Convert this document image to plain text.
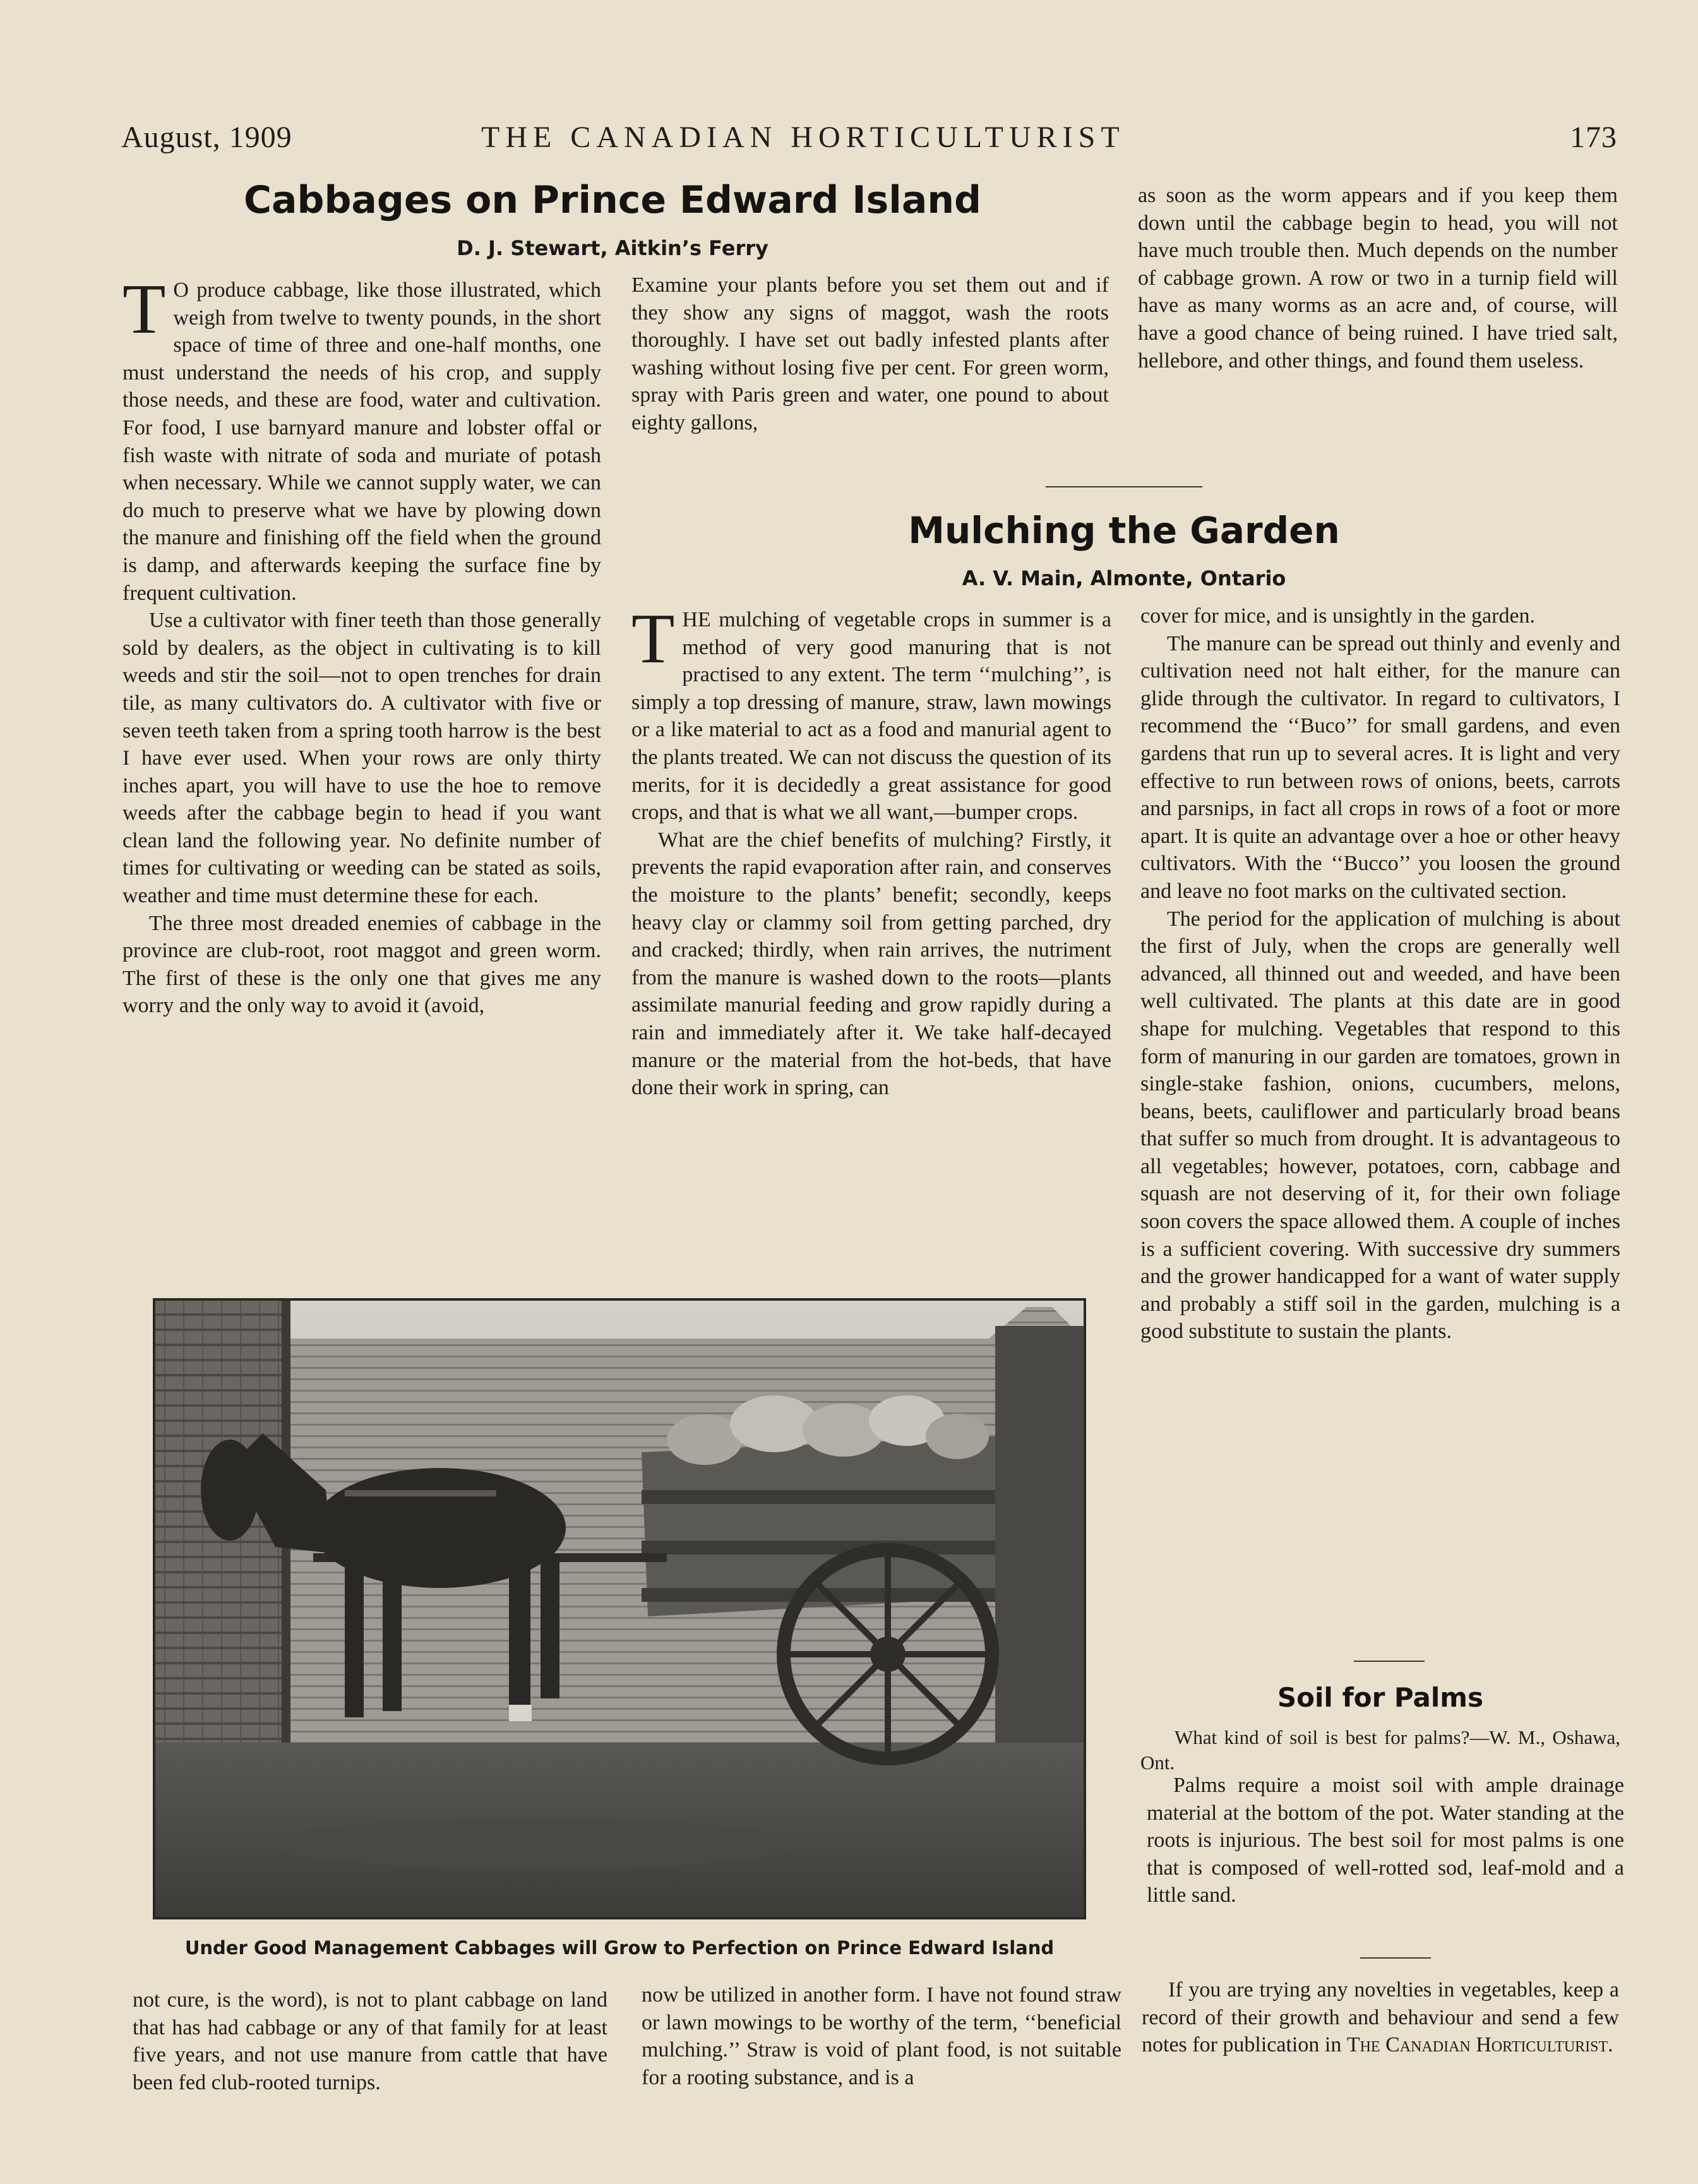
August, 1909	THE CANADIAN HORTICULTURIST	173
Cabbages on Prince Edward Island
D. J. Stewart, Aitkin’s Ferry

T O produce cabbage, like those illustrated, which weigh from twelve to twenty pounds, in the short space of time of three and one-half months, one must understand the needs of his crop, and supply those needs, and these are food, water and cultivation. For food, I use barnyard manure and lobster offal or fish waste with nitrate of soda and muriate of potash when necessary. While we cannot supply water, we can do much to preserve what we have by plowing down the manure and finishing off the field when the ground is damp, and afterwards keeping the surface fine by frequent cultivation.

Use a cultivator with finer teeth than those generally sold by dealers, as the object in cultivating is to kill weeds and stir the soil—not to open trenches for drain tile, as many cultivators do. A cultivator with five or seven teeth taken from a spring tooth harrow is the best I have ever used. When your rows are only thirty inches apart, you will have to use the hoe to remove weeds after the cabbage begin to head if you want clean land the following year. No definite number of times for cultivating or weeding can be stated as soils, weather and time must determine these for each.

The three most dreaded enemies of cabbage in the province are club-root, root maggot and green worm. The first of these is the only one that gives me any worry and the only way to avoid it (avoid,

Examine your plants before you set them out and if they show any signs of maggot, wash the roots thoroughly. I have set out badly infested plants after washing without losing five per cent. For green worm, spray with Paris green and water, one pound to about eighty gallons,

as soon as the worm appears and if you keep them down until the cabbage begin to head, you will not have much trouble then. Much depends on the number of cabbage grown. A row or two in a turnip field will have as many worms as an acre and, of course, will have a good chance of being ruined. I have tried salt, hellebore, and other things, and found them useless.

Mulching the Garden
A. V. Main, Almonte, Ontario

THE mulching of vegetable crops in summer is a method of very good manuring that is not practised to any extent. The term ‘‘mulching’’, is simply a top dressing of manure, straw, lawn mowings or a like material to act as a food and manurial agent to the plants treated. We can not discuss the question of its merits, for it is decidedly a great assistance for good crops, and that is what we all want,—bumper crops.

What are the chief benefits of mulching? Firstly, it prevents the rapid evaporation after rain, and conserves the moisture to the plants’ benefit; secondly, keeps heavy clay or clammy soil from getting parched, dry and cracked; thirdly, when rain arrives, the nutriment from the manure is washed down to the roots—plants assimilate manurial feeding and grow rapidly during a rain and immediately after it. We take half-decayed manure or the material from the hot-beds, that have done their work in spring, can

cover for mice, and is unsightly in the garden.

The manure can be spread out thinly and evenly and cultivation need not halt either, for the manure can glide through the cultivator. In regard to cultivators, I recommend the ‘‘Buco’’ for small gardens, and even gardens that run up to several acres. It is light and very effective to run between rows of onions, beets, carrots and parsnips, in fact all crops in rows of a foot or more apart. It is quite an advantage over a hoe or other heavy cultivators. With the ‘‘Bucco’’ you loosen the ground and leave no foot marks on the cultivated section.

The period for the application of mulching is about the first of July, when the crops are generally well advanced, all thinned out and weeded, and have been well cultivated. The plants at this date are in good shape for mulching. Vegetables that respond to this form of manuring in our garden are tomatoes, grown in single-stake fashion, onions, cucumbers, melons, beans, beets, cauliflower and particularly broad beans that suffer so much from drought. It is advantageous to all vegetables; however, potatoes, corn, cabbage and squash are not deserving of it, for their own foliage soon covers the space allowed them. A couple of inches is a sufficient covering. With successive dry summers and the grower handicapped for a want of water supply and probably a stiff soil in the garden, mulching is a good substitute to sustain the plants.

Under Good Management Cabbages will Grow to Perfection on Prince Edward Island
Soil for Palms
What kind of soil is best for palms?—W. M., Oshawa, Ont.

Palms require a moist soil with ample drainage material at the bottom of the pot. Water standing at the roots is injurious. The best soil for most palms is one that is composed of well-rotted sod, leaf-mold and a little sand.

not cure, is the word), is not to plant cabbage on land that has had cabbage or any of that family for at least five years, and not use manure from cattle that have been fed club-rooted turnips.

now be utilized in another form. I have not found straw or lawn mowings to be worthy of the term, ‘‘beneficial mulching.’’ Straw is void of plant food, is not suitable for a rooting substance, and is a

If you are trying any novelties in vegetables, keep a record of their growth and behaviour and send a few notes for publication in The Canadian Horticulturist.
